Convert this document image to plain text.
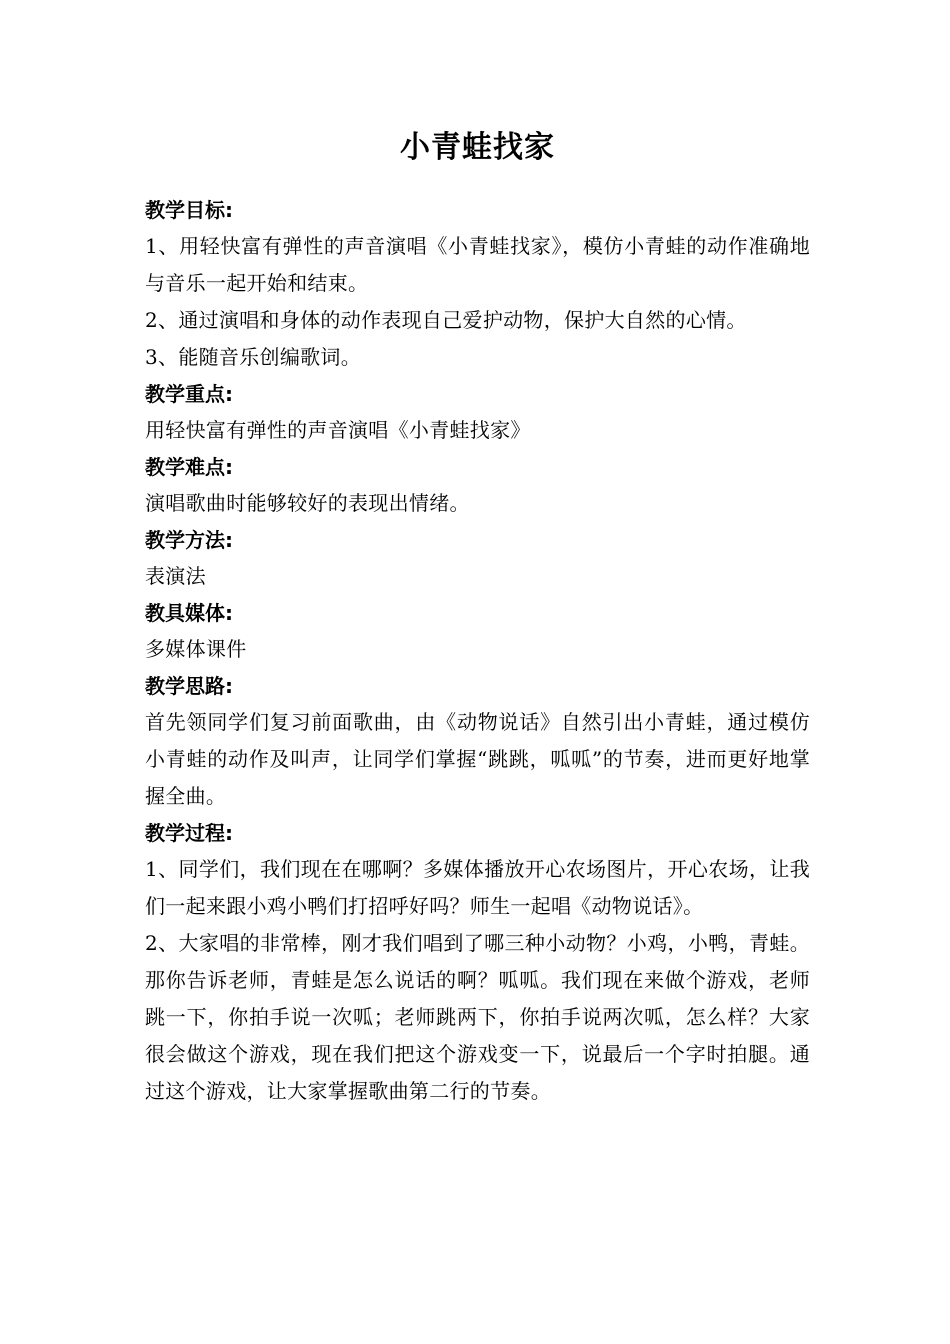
小青蛙找家

教学目标:

1、用轻快富有弹性的声音演唱《小青蛙找家》，模仿小青蛙的动作准确地与音乐一起开始和结束。

2、通过演唱和身体的动作表现自己爱护动物，保护大自然的心情。

3、能随音乐创编歌词。

教学重点:

用轻快富有弹性的声音演唱《小青蛙找家》

教学难点:

演唱歌曲时能够较好的表现出情绪。

教学方法:

表演法

教具媒体:

多媒体课件

教学思路:

首先领同学们复习前面歌曲，由《动物说话》自然引出小青蛙，通过模仿小青蛙的动作及叫声，让同学们掌握“跳跳，呱呱”的节奏，进而更好地掌握全曲。

教学过程:

1、同学们，我们现在在哪啊？多媒体播放开心农场图片，开心农场，让我们一起来跟小鸡小鸭们打招呼好吗？师生一起唱《动物说话》。

2、大家唱的非常棒，刚才我们唱到了哪三种小动物？小鸡，小鸭，青蛙。那你告诉老师，青蛙是怎么说话的啊？呱呱。我们现在来做个游戏，老师跳一下，你拍手说一次呱；老师跳两下，你拍手说两次呱，怎么样？大家很会做这个游戏，现在我们把这个游戏变一下，说最后一个字时拍腿。通过这个游戏，让大家掌握歌曲第二行的节奏。
